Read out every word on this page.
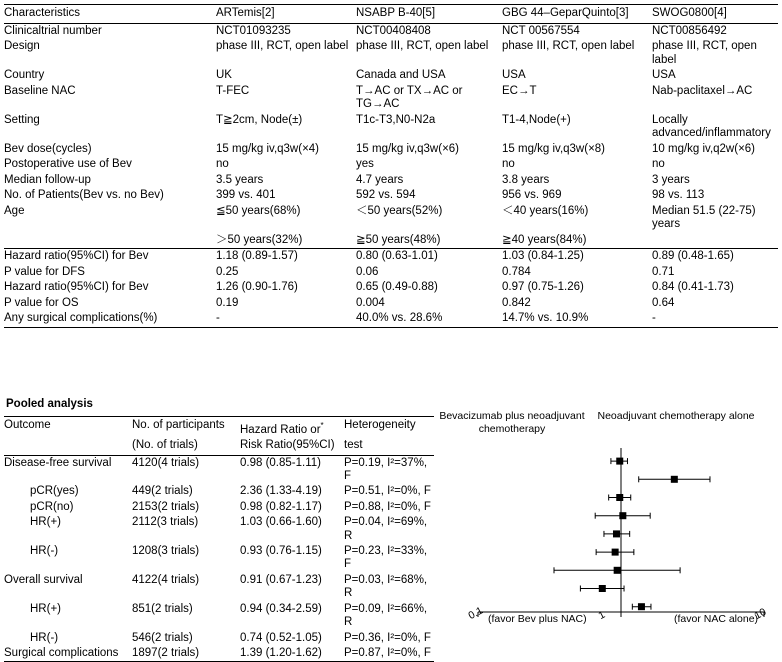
Characteristics	ARTemis[2]	NSABP B-40[5]	GBG 44–GeparQuinto[3]	SWOG0800[4]
Clinicaltrial number	NCT01093235	NCT00408408	NCT 00567554	NCT00856492
Design	phase III, RCT, open label	phase III, RCT, open label	phase III, RCT, open label	phase III, RCT, open label
Country	UK	Canada and USA	USA	USA
Baseline NAC	T-FEC	T→AC or TX→AC or TG→AC	EC→T	Nab-paclitaxel→AC
Setting	T≧2cm, Node(±)	T1c-T3,N0-N2a	T1-4,Node(+)	Locally advanced/inflammatory
Bev dose(cycles)	15 mg/kg iv,q3w(×4)	15 mg/kg iv,q3w(×6)	15 mg/kg iv,q3w(×8)	10 mg/kg iv,q2w(×6)
Postoperative use of Bev	no	yes	no	no
Median follow-up	3.5 years	4.7 years	3.8 years	3 years
No. of Patients(Bev vs. no Bev)	399 vs. 401	592 vs. 594	956 vs. 969	98 vs. 113
Age	≦50 years(68%)	＜50 years(52%)	＜40 years(16%)	Median 51.5 (22-75) years
	＞50 years(32%)	≧50 years(48%)	≧40 years(84%)	
Hazard ratio(95%CI) for Bev	1.18 (0.89-1.57)	0.80 (0.63-1.01)	1.03 (0.84-1.25)	0.89 (0.48-1.65)
P value for DFS	0.25	0.06	0.784	0.71
Hazard ratio(95%CI) for Bev	1.26 (0.90-1.76)	0.65 (0.49-0.88)	0.97 (0.75-1.26)	0.84 (0.41-1.73)
P value for OS	0.19	0.004	0.842	0.64
Any surgical complications(%)	-	40.0% vs. 28.6%	14.7% vs. 10.9%	-
Pooled analysis
Outcome	No. of participants	Hazard Ratio or*	Heterogeneity
	(No. of trials)	Risk Ratio(95%CI)	test
Disease-free survival	4120(4 trials)	0.98 (0.85-1.11)	P=0.19, I²=37%, F
pCR(yes)	449(2 trials)	2.36 (1.33-4.19)	P=0.51, I²=0%, F
pCR(no)	2153(2 trials)	0.98 (0.82-1.17)	P=0.88, I²=0%, F
HR(+)	2112(3 trials)	1.03 (0.66-1.60)	P=0.04, I²=69%, R
HR(-)	1208(3 trials)	0.93 (0.76-1.15)	P=0.23, I²=33%, F
Overall survival	4122(4 trials)	0.91 (0.67-1.23)	P=0.03, I²=68%, R
HR(+)	851(2 trials)	0.94 (0.34-2.59)	P=0.09, I²=66%, R
HR(-)	546(2 trials)	0.74 (0.52-1.05)	P=0.36, I²=0%, F
Surgical complications	1897(2 trials)	1.39 (1.20-1.62)	P=0.87, I²=0%, F
Bevacizumab plus neoadjuvant chemotherapy
Neoadjuvant chemotherapy alone
0.1	1	10
(favor Bev plus NAC)	(favor NAC alone)
